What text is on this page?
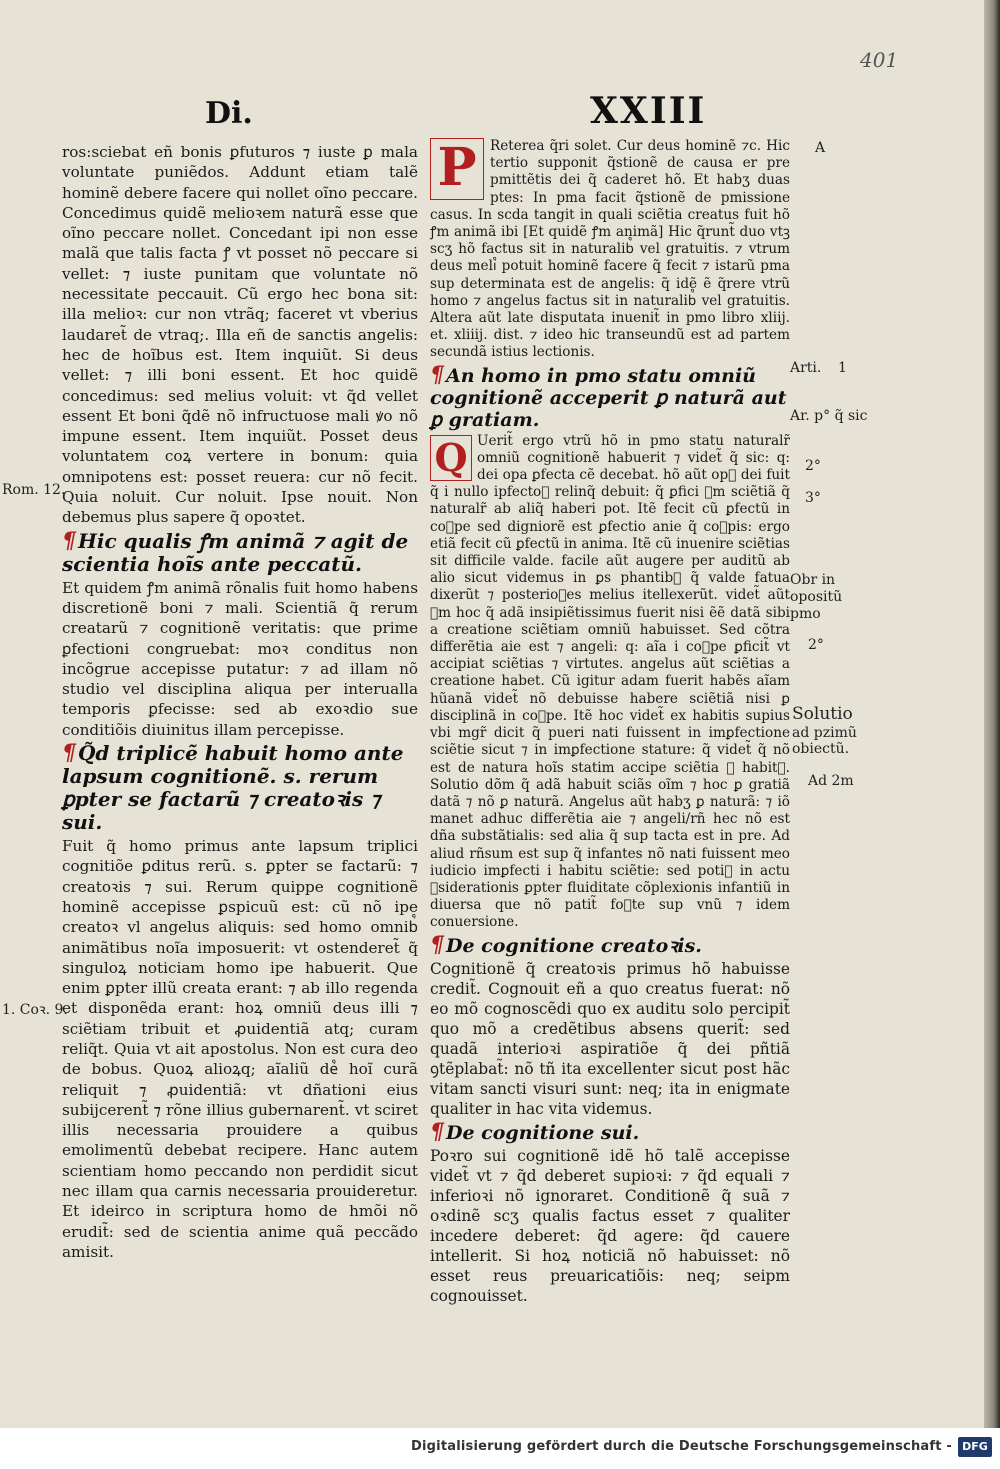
401
Di.	XXIII

ros:sciebat eñ bonis ꝑfuturos ⁊ iuste ꝑ mala voluntate puniẽdos. Addunt etiam talẽ hominẽ debere facere qui nollet oĩno peccare. Concedimus quidẽ melioꝛem naturã esse que oĩno peccare nollet. Concedant ipi non esse malã que talis facta ꝭ vt posset nõ peccare si vellet: ⁊ iuste punitam que voluntate nõ necessitate peccauit. Cũ ergo hec bona sit: illa melioꝛ: cur non vtrãq; faceret vt vberius laudaret̃ de vtraq;. Illa eñ de sanctis angelis: hec de hoĩbus est. Item inquiũt. Si deus vellet: ⁊ illi boni essent. Et hoc quidẽ concedimus: sed melius voluit: vt q̃d vellet essent Et boni q̃dẽ nõ infructuose mali ꝟo nõ impune essent. Item inquiũt. Posset deus voluntatem coꝝ vertere in bonum: quia omnipotens est: posset reuera: cur nõ fecit. Quia noluit. Cur noluit. Ipse nouit. Non debemus plus sapere q̃ opoꝛtet.

¶ Hic qualis ꝭm animã ⁊ agit de scientia hoĩs ante peccatũ.

Et quidem ꝭm animã rõnalis fuit homo habens discretionẽ boni ⁊ mali. Scientiã q̃ rerum creatarũ ⁊ cognitionẽ veritatis: que prime ꝑfectioni congruebat: moꝛ conditus non incõgrue accepisse putatur: ⁊ ad illam nõ studio vel disciplina aliqua per interualla temporis ꝑfecisse: sed ab exoꝛdio sue conditiõis diuinitus illam percepisse.

¶ Q̃d triplicẽ habuit homo ante lapsum cognitionẽ. s. rerum ꝑpter se factarũ ⁊ creatoꝛis ⁊ sui.

Fuit q̃ homo primus ante lapsum triplici cognitiõe ꝑditus rerũ. s. ꝑpter se factarũ: ⁊ creatoꝛis ⁊ sui. Rerum quippe cognitionẽ hominẽ accepisse ꝑspicuũ est: cũ nõ ipe creatoꝛ vl angelus aliquis: sed homo omnib᷒ animãtibus noĩa imposuerit: vt ostenderet̃ q̃ singuloꝝ noticiam homo ipe habuerit. Que enim ꝑpter illũ creata erant: ⁊ ab illo regenda et disponẽda erant: hoꝝ omniũ deus illi ⁊ sciẽtiam tribuit et ꝓuidentiã atq; curam reliq̃t. Quia vt ait apostolus. Non est cura deo de bobus. Quoꝝ alioꝝq; aĩaliũ de᷒ hoĩ curã reliquit ⁊ ꝓuidentiã: vt dñationi eius subijcerent̃ ⁊ rõne illius gubernarent̃. vt sciret illis necessaria prouidere a quibus emolimentũ debebat recipere. Hanc autem scientiam homo peccando non perdidit sicut nec illam qua carnis necessaria prouideretur. Et ideirco in scriptura homo de hmõi nõ erudit̃: sed de scientia anime quã peccãdo amisit.

Rom. 12.
1. Coꝛ. 9.

P Reterea q̃ri solet. Cur deus hominẽ ⁊c. Hic tertio supponit q̃stionẽ de causa er pre pmittẽtis dei q̃ caderet hõ. Et habʒ duas ptes: In pma facit q̃stionẽ de pmissione casus. In scda tangit in quali sciẽtia creatus fuit hõ ꝭm animã ibi [Et quidẽ ꝭm animã] Hic q̃runt̃ duo vtꝫ scʒ hõ factus sit in naturalib᷒ vel gratuitis. ⁊ vtrum deus meli᷒ potuit hominẽ facere q̃ fecit ⁊ istarũ pma sup determinata est de angelis: q̃ idẽ ẽ q̃rere vtrũ homo ⁊ angelus factus sit in naturalib᷒ vel gratuitis. Altera aũt late disputata inuenit̃ in pmo libro xliij. et. xliiij. dist. ⁊ ideo hic transeundũ est ad partem secundã istius lectionis.

¶ An homo in pmo statu omniũ cognitionẽ acceperit ꝑ naturã aut ꝑ gratiam.

Q Uerit̃ ergo vtrũ hõ in pmo statu naturalr̃ omniũ cognitionẽ habuerit ⁊ videt̃ q̃ sic: q: dei opa ꝑfecta cẽ decebat. hõ aũt op᷒ dei fuit q̃ i nullo ipfectoꝛ relinq̃ debuit: q̃ ꝑfici ꝭm sciẽtiã q̃ naturalr̃ ab aliq̃ haberi pot. Itẽ fecit cũ ꝑfectũ in coꝛpe sed digniorẽ est ꝑfectio anie q̃ coꝛpis: ergo etiã fecit cũ ꝑfectũ in anima. Itẽ cũ inuenire sciẽtias sit difficile valde. facile aũt augere per auditũ ab alio sicut videmus in ꝑs phantib᷒ q̃ valde fatua dixerũt ⁊ posterioꝛes melius itellexerũt. videt̃ aũt ꝭm hoc q̃ adã insipiẽtissimus fuerit nisi ẽẽ datã sibi a creatione sciẽtiam omniũ habuisset. Sed cõtra differẽtia aie est ⁊ angeli: q: aĩa i coꝛpe ꝑficit̃ vt accipiat sciẽtias ⁊ virtutes. angelus aũt sciẽtias a creatione habet. Cũ igitur adam fuerit habẽs aĩam hũanã videt̃ nõ debuisse habere sciẽtiã nisi ꝑ disciplinã in coꝛpe. Itẽ hoc videt̃ ex habitis supius vbi mgr̃ dicit q̃ pueri nati fuissent in imꝑfectione sciẽtie sicut ⁊ in imꝑfectione stature: q̃ videt̃ q̃ nõ est de natura hoĩs statim accipe sciẽtia ꝝ habit᷒. Solutio dõm q̃ adã habuit sciãs oĩm ⁊ hoc ꝑ gratiã datã ⁊ nõ ꝑ naturã. Angelus aũt habʒ ꝑ naturã: ⁊ iõ manet adhuc differẽtia aie ⁊ angeli/rñ hec nõ est dña substãtialis: sed alia q̃ sup tacta est in pre. Ad aliud rñsum est sup q̃ infantes nõ nati fuissent meo iudicio imꝑfecti i habitu sciẽtie: sed poti᷒ in actu ꝯsiderationis ꝑpter fluiditate cõplexionis infantiũ in diuersa que nõ patit̃ foꝛte sup vnũ ⁊ idem conuersione.

¶ De cognitione creatoꝛis.

Cognitionẽ q̃ creatoꝛis primus hõ habuisse credit̃. Cognouit eñ a quo creatus fuerat: nõ eo mõ cognoscẽdi quo ex auditu solo percipit̃ quo mõ a credẽtibus absens querit̃: sed quadã interioꝛi aspiratiõe q̃ dei pñtiã ꝯtẽplabat̃: nõ tñ ita excellenter sicut post hãc vitam sancti visuri sunt: neq; ita in enigmate qualiter in hac vita videmus.

¶ De cognitione sui.

Poꝛro sui cognitionẽ idẽ hõ talẽ accepisse videt̃ vt ⁊ q̃d deberet supioꝛi: ⁊ q̃d equali ⁊ inferioꝛi nõ ignoraret. Conditionẽ q̃ suã ⁊ oꝛdinẽ scʒ qualis factus esset ⁊ qualiter incedere deberet: q̃d agere: q̃d cauere intellerit. Si hoꝝ noticiã nõ habuisset: nõ esset reus preuaricatiõis: neq; seipm cognouisset.

A
Arti. 1
Ar. p° q̃ sic
2°
3°
Obr in opositũ pmo
2°
Solutio
ad pzimũ obiectũ.
Ad 2m
Digitalisierung gefördert durch die Deutsche Forschungsgemeinschaft - DFG
